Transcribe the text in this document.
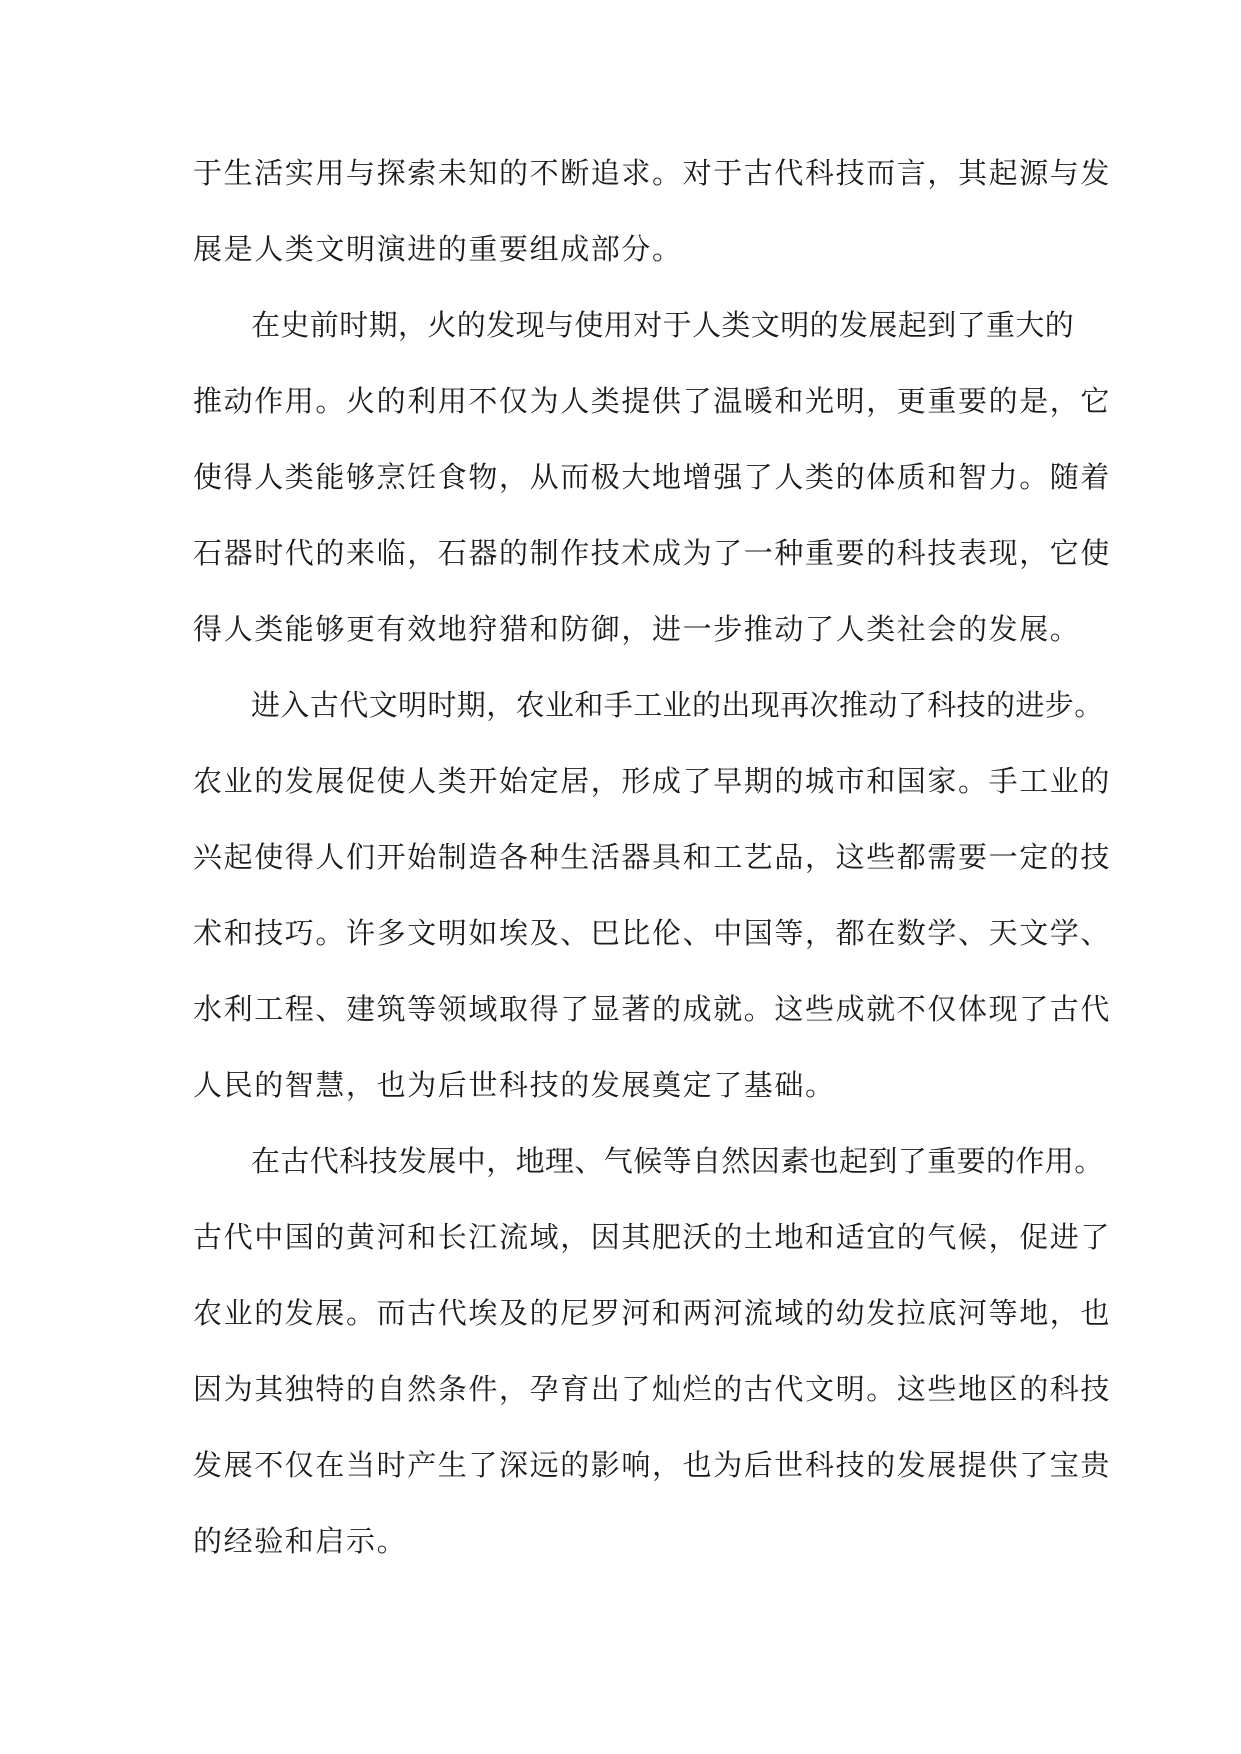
于生活实用与探索未知的不断追求。对于古代科技而言，其起源与发
展是人类文明演进的重要组成部分。

在史前时期，火的发现与使用对于人类文明的发展起到了重大的
推动作用。火的利用不仅为人类提供了温暖和光明，更重要的是，它
使得人类能够烹饪食物，从而极大地增强了人类的体质和智力。随着
石器时代的来临，石器的制作技术成为了一种重要的科技表现，它使
得人类能够更有效地狩猎和防御，进一步推动了人类社会的发展。

进入古代文明时期，农业和手工业的出现再次推动了科技的进步。
农业的发展促使人类开始定居，形成了早期的城市和国家。手工业的
兴起使得人们开始制造各种生活器具和工艺品，这些都需要一定的技
术和技巧。许多文明如埃及、巴比伦、中国等，都在数学、天文学、
水利工程、建筑等领域取得了显著的成就。这些成就不仅体现了古代
人民的智慧，也为后世科技的发展奠定了基础。

在古代科技发展中，地理、气候等自然因素也起到了重要的作用。
古代中国的黄河和长江流域，因其肥沃的土地和适宜的气候，促进了
农业的发展。而古代埃及的尼罗河和两河流域的幼发拉底河等地，也
因为其独特的自然条件，孕育出了灿烂的古代文明。这些地区的科技
发展不仅在当时产生了深远的影响，也为后世科技的发展提供了宝贵
的经验和启示。
